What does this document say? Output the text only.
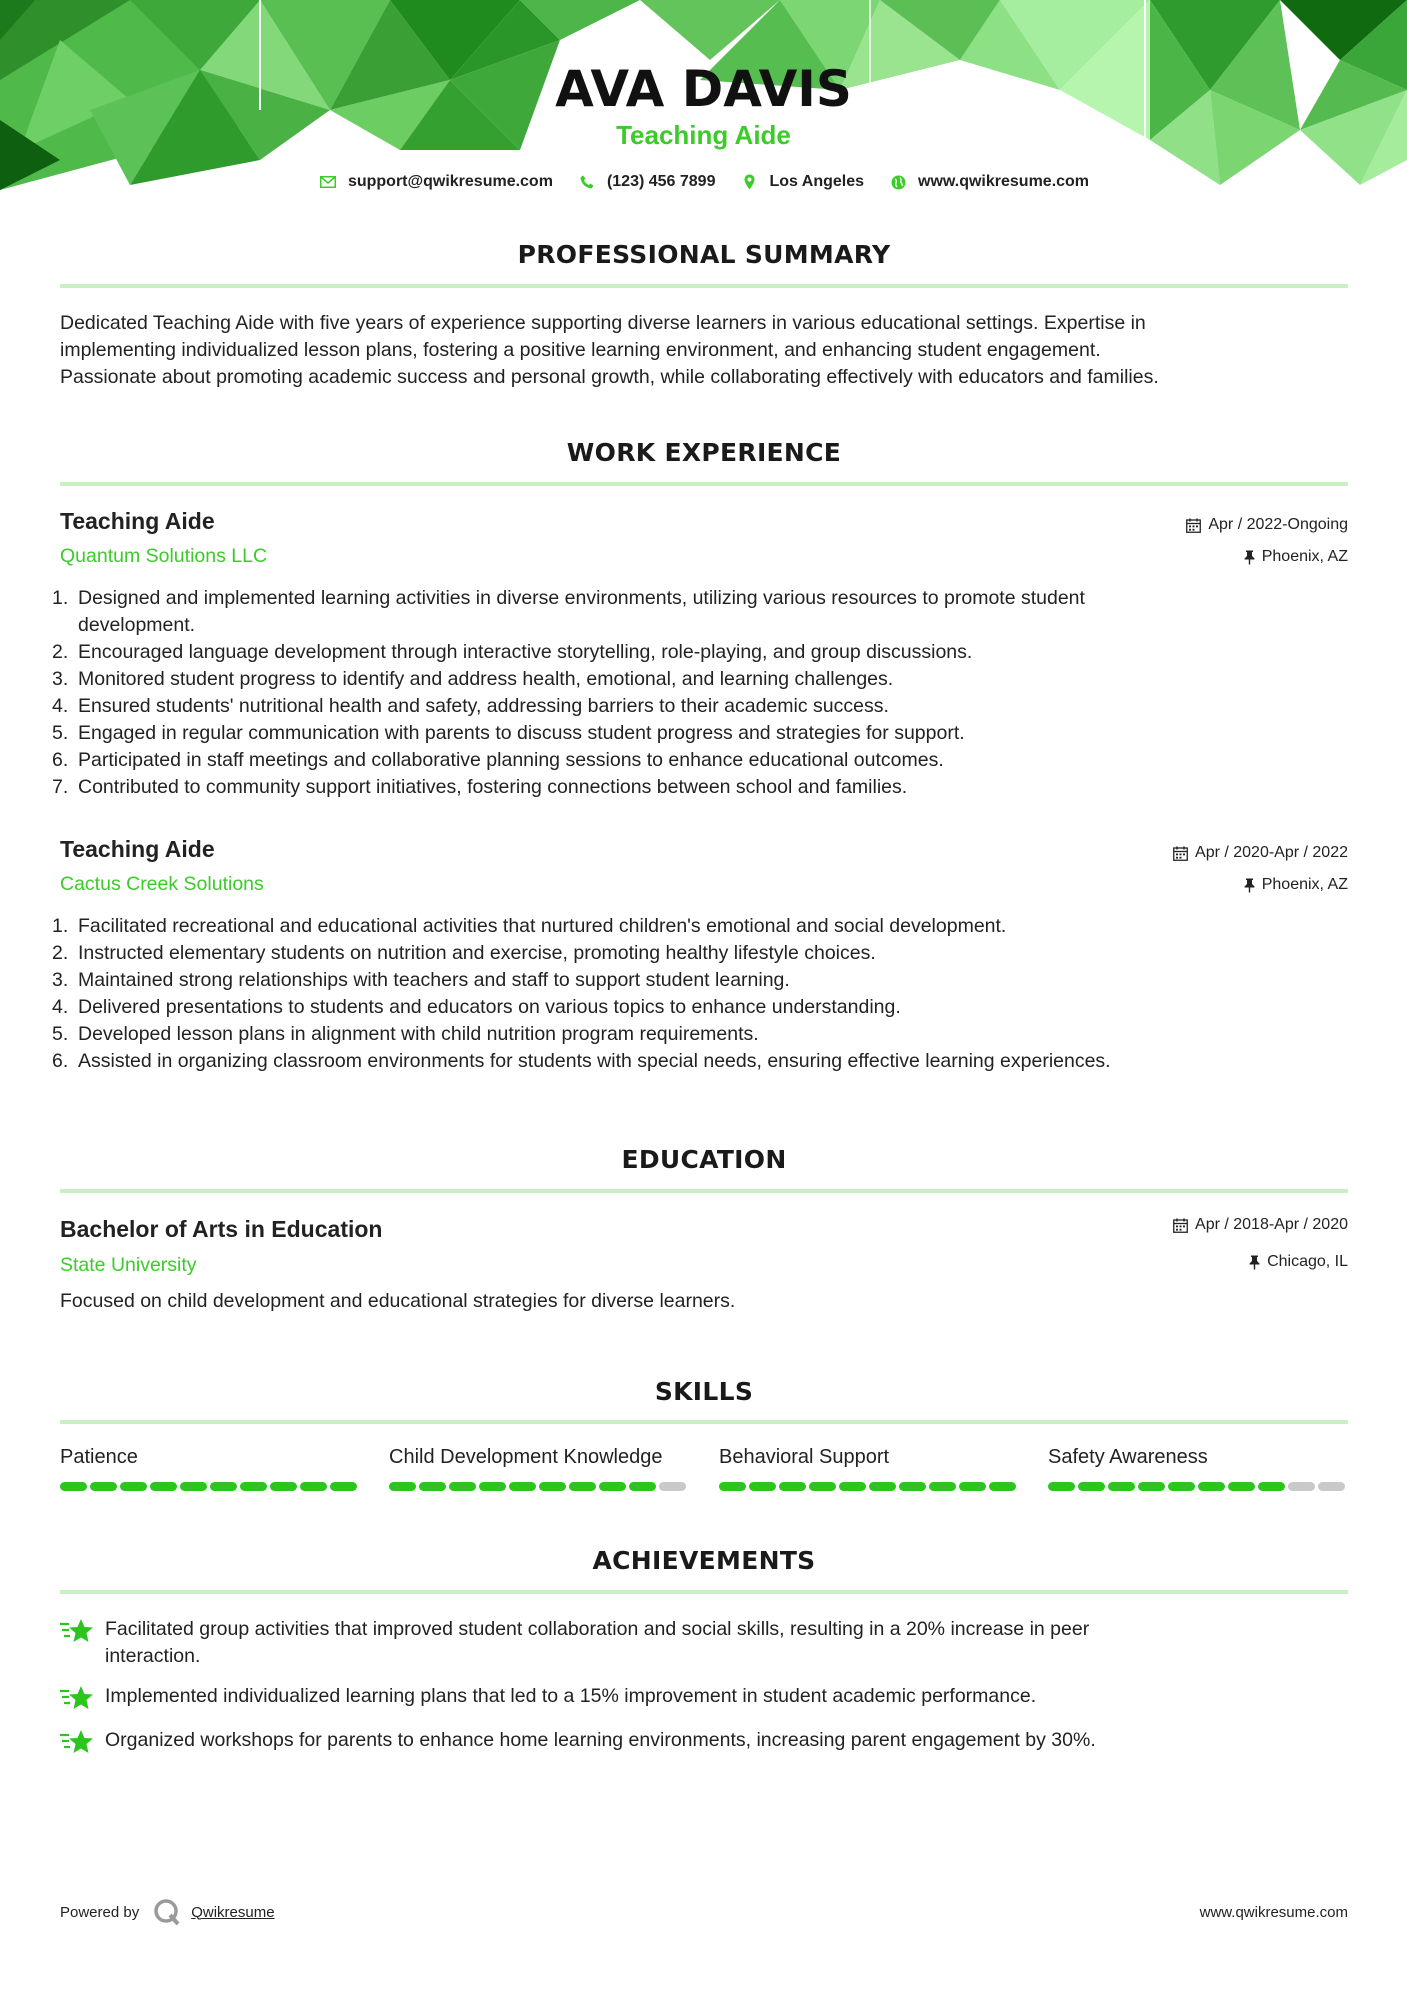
AVA DAVIS
Teaching Aide
support@qwikresume.com	(123) 456 7899	Los Angeles	www.qwikresume.com
PROFESSIONAL SUMMARY
Dedicated Teaching Aide with five years of experience supporting diverse learners in various educational settings. Expertise in
implementing individualized lesson plans, fostering a positive learning environment, and enhancing student engagement.
Passionate about promoting academic success and personal growth, while collaborating effectively with educators and families.
WORK EXPERIENCE
Teaching Aide
Quantum Solutions LLC
Apr / 2022-Ongoing
Phoenix, AZ
1. Designed and implemented learning activities in diverse environments, utilizing various resources to promote student
development.
2. Encouraged language development through interactive storytelling, role-playing, and group discussions.
3. Monitored student progress to identify and address health, emotional, and learning challenges.
4. Ensured students' nutritional health and safety, addressing barriers to their academic success.
5. Engaged in regular communication with parents to discuss student progress and strategies for support.
6. Participated in staff meetings and collaborative planning sessions to enhance educational outcomes.
7. Contributed to community support initiatives, fostering connections between school and families.
Teaching Aide
Cactus Creek Solutions
Apr / 2020-Apr / 2022
Phoenix, AZ
1. Facilitated recreational and educational activities that nurtured children's emotional and social development.
2. Instructed elementary students on nutrition and exercise, promoting healthy lifestyle choices.
3. Maintained strong relationships with teachers and staff to support student learning.
4. Delivered presentations to students and educators on various topics to enhance understanding.
5. Developed lesson plans in alignment with child nutrition program requirements.
6. Assisted in organizing classroom environments for students with special needs, ensuring effective learning experiences.
EDUCATION
Bachelor of Arts in Education
State University
Apr / 2018-Apr / 2020
Chicago, IL
Focused on child development and educational strategies for diverse learners.
SKILLS
Patience	Child Development Knowledge	Behavioral Support	Safety Awareness
ACHIEVEMENTS
Facilitated group activities that improved student collaboration and social skills, resulting in a 20% increase in peer
interaction.
Implemented individualized learning plans that led to a 15% improvement in student academic performance.
Organized workshops for parents to enhance home learning environments, increasing parent engagement by 30%.
Powered by	Qwikresume	www.qwikresume.com
